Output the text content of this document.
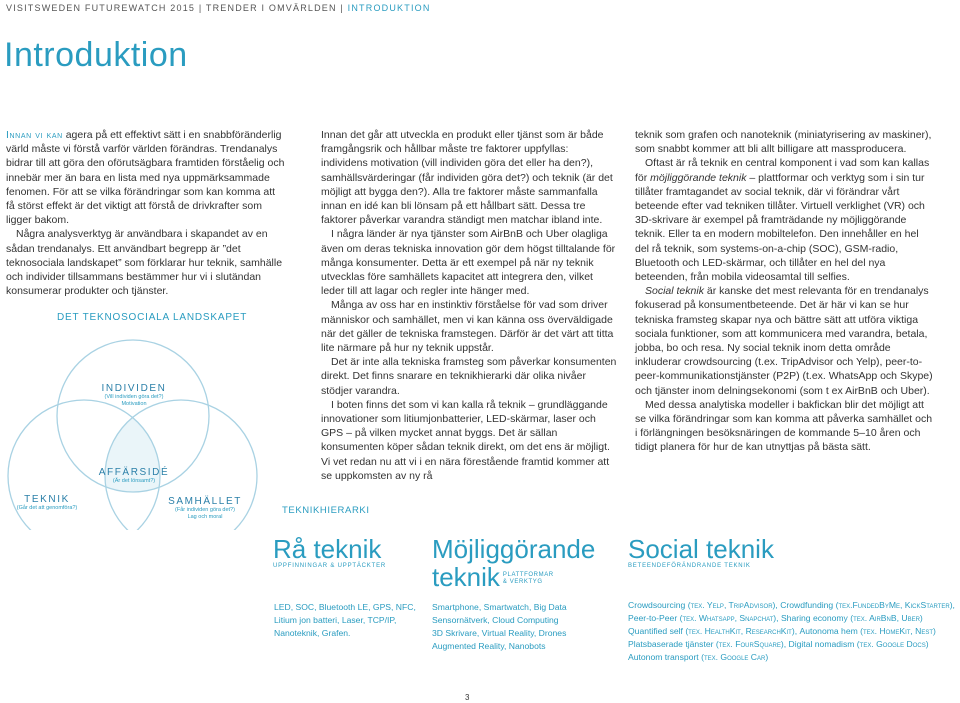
VISITSWEDEN FUTUREWATCH 2015 | TRENDER I OMVÄRLDEN | INTRODUKTION
Introduktion

Innan vi kan agera på ett effektivt sätt i en snabbföränderlig värld måste vi förstå varför världen förändras. Trendanalys bidrar till att göra den oförutsägbara framtiden förståelig och innebär mer än bara en lista med nya uppmärksammade fenomen. För att se vilka förändringar som kan komma att få störst effekt är det viktigt att förstå de drivkrafter som ligger bakom.

Några analysverktyg är användbara i skapandet av en sådan trendanalys. Ett användbart begrepp är ”det teknosociala landskapet” som förklarar hur teknik, samhälle och individer tillsammans bestämmer hur vi i slutändan konsumerar produkter och tjänster.

DET TEKNOSOCIALA LANDSKAPET
INDIVIDEN
(Vill individen göra det?)
Motivation
AFFÄRSIDÉ
(Är det lönsamt?)
TEKNIK
(Går det att genomföra?)
SAMHÄLLET
(Får individen göra det?)
Lag och moral

Innan det går att utveckla en produkt eller tjänst som är både framgångsrik och hållbar måste tre faktorer uppfyllas: individens motivation (vill individen göra det eller ha den?), samhällsvärderingar (får individen göra det?) och teknik (är det möjligt att bygga den?). Alla tre faktorer måste sammanfalla innan en idé kan bli lönsam på ett hållbart sätt. Dessa tre faktorer påverkar varandra ständigt men matchar ibland inte.

I några länder är nya tjänster som AirBnB och Uber olagliga även om deras tekniska innovation gör dem högst tilltalande för många konsumenter. Detta är ett exempel på när ny teknik utvecklas före samhällets kapacitet att integrera den, vilket leder till att lagar och regler inte hänger med.

Många av oss har en instinktiv förståelse för vad som driver människor och samhället, men vi kan känna oss överväldigade när det gäller de tekniska framstegen. Därför är det värt att titta lite närmare på hur ny teknik uppstår.

Det är inte alla tekniska framsteg som påverkar konsumenten direkt. Det finns snarare en teknikhierarki där olika nivåer stödjer varandra.

I boten finns det som vi kan kalla rå teknik – grundläggande innovationer som litiumjonbatterier, LED-skärmar, laser och GPS – på vilken mycket annat byggs. Det är sällan konsumenten köper sådan teknik direkt, om det ens är möjligt. Vi vet redan nu att vi i en nära förestående framtid kommer att se uppkomsten av ny rå

teknik som grafen och nanoteknik (miniatyrisering av maskiner), som snabbt kommer att bli allt billigare att massproducera.

Oftast är rå teknik en central komponent i vad som kan kallas för möjliggörande teknik – plattformar och verktyg som i sin tur tillåter framtagandet av social teknik, där vi förändrar vårt beteende efter vad tekniken tillåter. Virtuell verklighet (VR) och 3D-skrivare är exempel på framträdande ny möjliggörande teknik. Eller ta en modern mobiltelefon. Den innehåller en hel del rå teknik, som systems-on-a-chip (SOC), GSM-radio, Bluetooth och LED-skärmar, och tillåter en hel del nya beteenden, från mobila videosamtal till selfies.

Social teknik är kanske det mest relevanta för en trendanalys fokuserad på konsumentbeteende. Det är här vi kan se hur tekniska framsteg skapar nya och bättre sätt att utföra viktiga sociala funktioner, som att kommunicera med varandra, betala, jobba, bo och resa. Ny social teknik inom detta område inkluderar crowdsourcing (t.ex. TripAdvisor och Yelp), peer-to-peer-kommunikationstjänster (P2P) (t.ex. WhatsApp och Skype) och tjänster inom delningsekonomi (som t ex AirBnB och Uber).

Med dessa analytiska modeller i bakfickan blir det möjligt att se vilka förändringar som kan komma att påverka samhället och i förlängningen besöksnäringen de kommande 5–10 åren och tidigt planera för hur de kan utnyttjas på bästa sätt.

TEKNIKHIERARKI
Rå teknik
UPPFINNINGAR & UPPTÄCKTER
LED, SOC, Bluetooth LE, GPS, NFC,
Litium jon batteri, Laser, TCP/IP,
Nanoteknik, Grafen.
Möjliggörande
teknik PLATTFORMAR
& VERKTYG
Smartphone, Smartwatch, Big Data
Sensornätverk, Cloud Computing
3D Skrivare, Virtual Reality, Drones
Augmented Reality, Nanobots
Social teknik
BETEENDEFÖRÄNDRANDE TEKNIK
Crowdsourcing (tex. Yelp, TripAdvisor), Crowdfunding (tex.FundedByMe, KickStarter),
Peer-to-Peer (tex. Whatsapp, Snapchat), Sharing economy (tex. AirBnB, Uber)
Quantified self (tex. HealthKit, ResearchKit), Autonoma hem (tex. HomeKit, Nest)
Platsbaserade tjänster (tex. FourSquare), Digital nomadism (tex. Google Docs)
Autonom transport (tex. Google Car)
3
